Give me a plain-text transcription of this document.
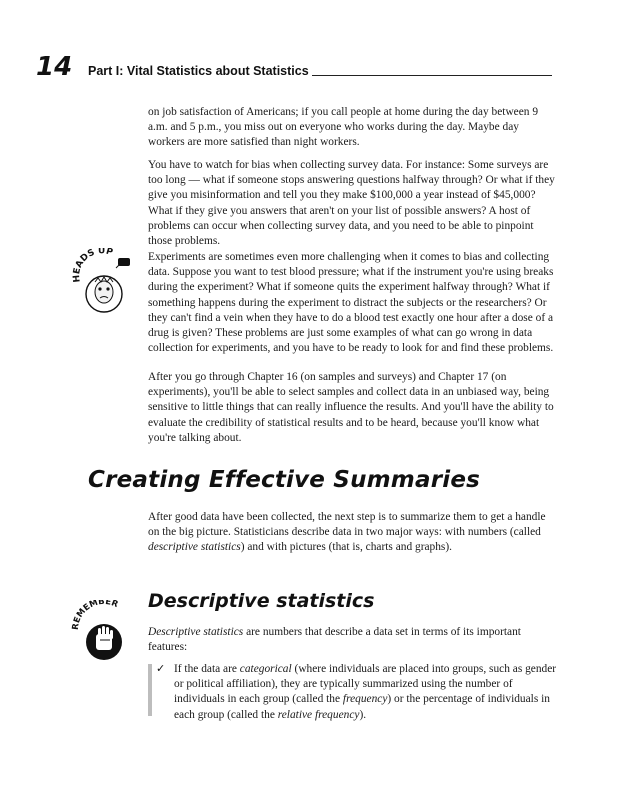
14 Part I: Vital Statistics about Statistics

on job satisfaction of Americans; if you call people at home during the day between 9 a.m. and 5 p.m., you miss out on everyone who works during the day. Maybe day workers are more satisfied than night workers.

You have to watch for bias when collecting survey data. For instance: Some surveys are too long — what if someone stops answering questions halfway through? Or what if they give you misinformation and tell you they make $100,000 a year instead of $45,000? What if they give you answers that aren't on your list of possible answers? A host of problems can occur when collecting survey data, and you need to be able to pinpoint those problems.

HEADS UP	Experiments are sometimes even more challenging when it comes to bias and collecting data. Suppose you want to test blood pressure; what if the instrument you're using breaks during the experiment? What if someone quits the experiment halfway through? What if something happens during the experiment to distract the subjects or the researchers? Or they can't find a vein when they have to do a blood test exactly one hour after a dose of a drug is given? These problems are just some examples of what can go wrong in data collection for experiments, and you have to be ready to look for and find these problems.

After you go through Chapter 16 (on samples and surveys) and Chapter 17 (on experiments), you'll be able to select samples and collect data in an unbiased way, being sensitive to little things that can really influence the results. And you'll have the ability to evaluate the credibility of statistical results and to be heard, because you'll know what you're talking about.

Creating Effective Summaries

After good data have been collected, the next step is to summarize them to get a handle on the big picture. Statisticians describe data in two major ways: with numbers (called descriptive statistics) and with pictures (that is, charts and graphs).

Descriptive statistics
REMEMBER

Descriptive statistics are numbers that describe a data set in terms of its important features:

✓ If the data are categorical (where individuals are placed into groups, such as gender or political affiliation), they are typically summarized using the number of individuals in each group (called the frequency) or the percentage of individuals in each group (called the relative frequency).
